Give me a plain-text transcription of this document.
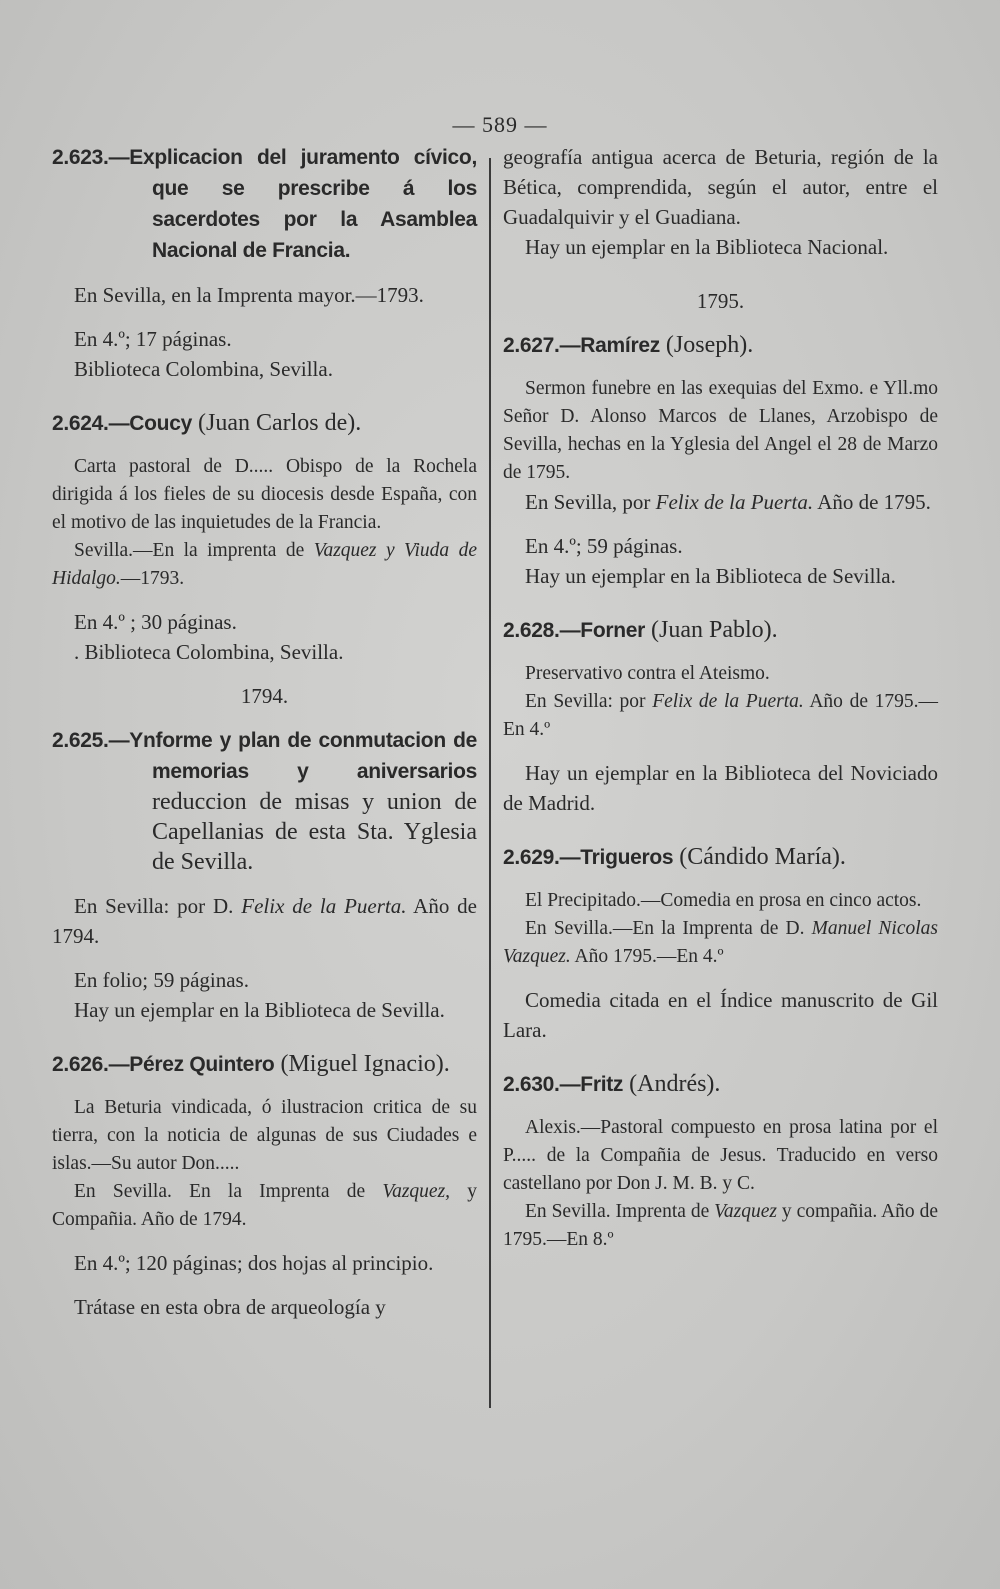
— 589 —

2.623.—Explicacion del juramento cívico, que se prescribe á los sacerdotes por la Asamblea Nacional de Francia.

En Sevilla, en la Imprenta mayor.—1793.

En 4.º; 17 páginas.

Biblioteca Colombina, Sevilla.

2.624.—Coucy (Juan Carlos de).

Carta pastoral de D..... Obispo de la Rochela dirigida á los fieles de su diocesis desde España, con el motivo de las inquietudes de la Francia.

Sevilla.—En la imprenta de Vazquez y Viuda de Hidalgo.—1793.

En 4.º ; 30 páginas.

. Biblioteca Colombina, Sevilla.

1794.

2.625.—Ynforme y plan de conmutacion de memorias y aniversarios reduccion de misas y union de Capellanias de esta Sta. Yglesia de Sevilla.

En Sevilla: por D. Felix de la Puerta. Año de 1794.

En folio; 59 páginas.

Hay un ejemplar en la Biblioteca de Sevilla.

2.626.—Pérez Quintero (Miguel Ignacio).

La Beturia vindicada, ó ilustracion critica de su tierra, con la noticia de algunas de sus Ciudades e islas.—Su autor Don.....

En Sevilla. En la Imprenta de Vazquez, y Compañia. Año de 1794.

En 4.º; 120 páginas; dos hojas al principio.

Trátase en esta obra de arqueología y

geografía antigua acerca de Beturia, región de la Bética, comprendida, según el autor, entre el Guadalquivir y el Guadiana.

Hay un ejemplar en la Biblioteca Nacional.

1795.

2.627.—Ramírez (Joseph).

Sermon funebre en las exequias del Exmo. e Yll.mo Señor D. Alonso Marcos de Llanes, Arzobispo de Sevilla, hechas en la Yglesia del Angel el 28 de Marzo de 1795.

En Sevilla, por Felix de la Puerta. Año de 1795.

En 4.º; 59 páginas.

Hay un ejemplar en la Biblioteca de Sevilla.

2.628.—Forner (Juan Pablo).

Preservativo contra el Ateismo.

En Sevilla: por Felix de la Puerta. Año de 1795.—En 4.º

Hay un ejemplar en la Biblioteca del Noviciado de Madrid.

2.629.—Trigueros (Cándido María).

El Precipitado.—Comedia en prosa en cinco actos.

En Sevilla.—En la Imprenta de D. Manuel Nicolas Vazquez. Año 1795.—En 4.º

Comedia citada en el Índice manuscrito de Gil Lara.

2.630.—Fritz (Andrés).

Alexis.—Pastoral compuesto en prosa latina por el P..... de la Compañia de Jesus. Traducido en verso castellano por Don J. M. B. y C.

En Sevilla. Imprenta de Vazquez y compañia. Año de 1795.—En 8.º
